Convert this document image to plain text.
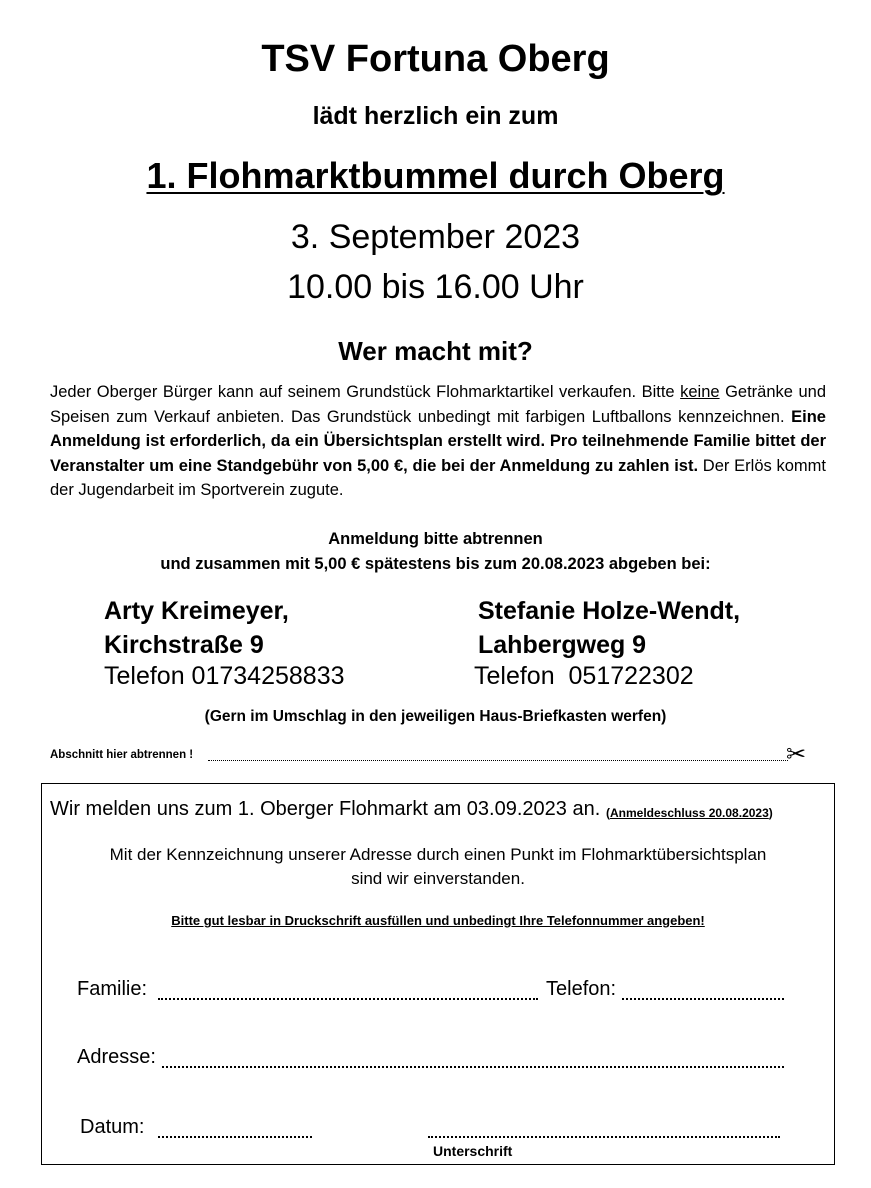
TSV Fortuna Oberg
lädt herzlich ein zum
1. Flohmarktbummel durch Oberg
3. September 2023
10.00 bis 16.00 Uhr
Wer macht mit?
Jeder Oberger Bürger kann auf seinem Grundstück Flohmarktartikel verkaufen. Bitte keine Getränke und Speisen zum Verkauf anbieten. Das Grundstück unbedingt mit farbigen Luftballons kennzeichnen. Eine Anmeldung ist erforderlich, da ein Übersichtsplan erstellt wird. Pro teilnehmende Familie bittet der Veranstalter um eine Standgebühr von 5,00 €, die bei der Anmeldung zu zahlen ist. Der Erlös kommt der Jugendarbeit im Sportverein zugute.
Anmeldung bitte abtrennen
und zusammen mit 5,00 € spätestens bis zum 20.08.2023 abgeben bei:
Arty Kreimeyer,
Kirchstraße 9
Telefon 01734258833
Stefanie Holze-Wendt,
Lahbergweg 9
Telefon  051722302
(Gern im Umschlag in den jeweiligen Haus-Briefkasten werfen)
Abschnitt hier abtrennen !	✂
Wir melden uns zum 1. Oberger Flohmarkt am 03.09.2023 an. (Anmeldeschluss 20.08.2023)
Mit der Kennzeichnung unserer Adresse durch einen Punkt im Flohmarktübersichtsplan
sind wir einverstanden.
Bitte gut lesbar in Druckschrift ausfüllen und unbedingt Ihre Telefonnummer angeben!
Familie:	Telefon:
Adresse:
Datum:
Unterschrift
